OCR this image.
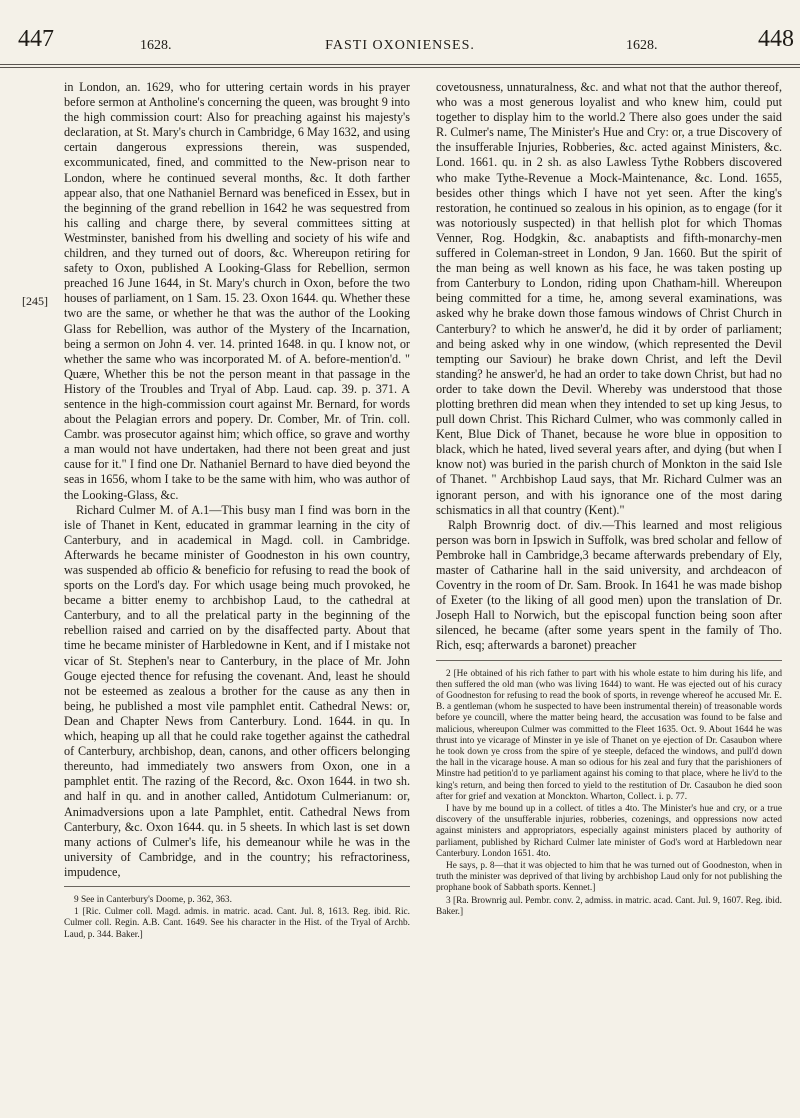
447	1628.	FASTI OXONIENSES.	1628.	448
[245]

in London, an. 1629, who for uttering certain words in his prayer before sermon at Antholine's concerning the queen, was brought 9 into the high commission court: Also for preaching against his majesty's declaration, at St. Mary's church in Cambridge, 6 May 1632, and using certain dangerous expressions therein, was suspended, excommunicated, fined, and committed to the New-prison near to London, where he continued several months, &c. It doth farther appear also, that one Nathaniel Bernard was beneficed in Essex, but in the beginning of the grand rebellion in 1642 he was sequestred from his calling and charge there, by several committees sitting at Westminster, banished from his dwelling and society of his wife and children, and they turned out of doors, &c. Whereupon retiring for safety to Oxon, published A Looking-Glass for Rebellion, sermon preached 16 June 1644, in St. Mary's church in Oxon, before the two houses of parliament, on 1 Sam. 15. 23. Oxon 1644. qu. Whether these two are the same, or whether he that was the author of the Looking Glass for Rebellion, was author of the Mystery of the Incarnation, being a sermon on John 4. ver. 14. printed 1648. in qu. I know not, or whether the same who was incorporated M. of A. before-mention'd. " Quære, Whether this be not the person meant in that passage in the History of the Troubles and Tryal of Abp. Laud. cap. 39. p. 371. A sentence in the high-commission court against Mr. Bernard, for words about the Pelagian errors and popery. Dr. Comber, Mr. of Trin. coll. Cambr. was prosecutor against him; which office, so grave and worthy a man would not have undertaken, had there not been great and just cause for it." I find one Dr. Nathaniel Bernard to have died beyond the seas in 1656, whom I take to be the same with him, who was author of the Looking-Glass, &c.

Richard Culmer M. of A.1—This busy man I find was born in the isle of Thanet in Kent, educated in grammar learning in the city of Canterbury, and in academical in Magd. coll. in Cambridge. Afterwards he became minister of Goodneston in his own country, was suspended ab officio & beneficio for refusing to read the book of sports on the Lord's day. For which usage being much provoked, he became a bitter enemy to archbishop Laud, to the cathedral at Canterbury, and to all the prelatical party in the beginning of the rebellion raised and carried on by the disaffected party. About that time he became minister of Harbledowne in Kent, and if I mistake not vicar of St. Stephen's near to Canterbury, in the place of Mr. John Gouge ejected thence for refusing the covenant. And, least he should not be esteemed as zealous a brother for the cause as any then in being, he published a most vile pamphlet entit. Cathedral News: or, Dean and Chapter News from Canterbury. Lond. 1644. in qu. In which, heaping up all that he could rake together against the cathedral of Canterbury, archbishop, dean, canons, and other officers belonging thereunto, had immediately two answers from Oxon, one in a pamphlet entit. The razing of the Record, &c. Oxon 1644. in two sh. and half in qu. and in another called, Antidotum Culmerianum: or, Animadversions upon a late Pamphlet, entit. Cathedral News from Canterbury, &c. Oxon 1644. qu. in 5 sheets. In which last is set down many actions of Culmer's life, his demeanour while he was in the university of Cambridge, and in the country; his refractoriness, impudence,

9 See in Canterbury's Doome, p. 362, 363.

1 [Ric. Culmer coll. Magd. admis. in matric. acad. Cant. Jul. 8, 1613. Reg. ibid. Ric. Culmer coll. Regin. A.B. Cant. 1649. See his character in the Hist. of the Tryal of Archb. Laud, p. 344. Baker.]

covetousness, unnaturalness, &c. and what not that the author thereof, who was a most generous loyalist and who knew him, could put together to display him to the world.2 There also goes under the said R. Culmer's name, The Minister's Hue and Cry: or, a true Discovery of the insufferable Injuries, Robberies, &c. acted against Ministers, &c. Lond. 1661. qu. in 2 sh. as also Lawless Tythe Robbers discovered who make Tythe-Revenue a Mock-Maintenance, &c. Lond. 1655, besides other things which I have not yet seen. After the king's restoration, he continued so zealous in his opinion, as to engage (for it was notoriously suspected) in that hellish plot for which Thomas Venner, Rog. Hodgkin, &c. anabaptists and fifth-monarchy-men suffered in Coleman-street in London, 9 Jan. 1660. But the spirit of the man being as well known as his face, he was taken posting up from Canterbury to London, riding upon Chatham-hill. Whereupon being committed for a time, he, among several examinations, was asked why he brake down those famous windows of Christ Church in Canterbury? to which he answer'd, he did it by order of parliament; and being asked why in one window, (which represented the Devil tempting our Saviour) he brake down Christ, and left the Devil standing? he answer'd, he had an order to take down Christ, but had no order to take down the Devil. Whereby was understood that those plotting brethren did mean when they intended to set up king Jesus, to pull down Christ. This Richard Culmer, who was commonly called in Kent, Blue Dick of Thanet, because he wore blue in opposition to black, which he hated, lived several years after, and dying (but when I know not) was buried in the parish church of Monkton in the said Isle of Thanet. " Archbishop Laud says, that Mr. Richard Culmer was an ignorant person, and with his ignorance one of the most daring schismatics in all that country (Kent)."

Ralph Brownrig doct. of div.—This learned and most religious person was born in Ipswich in Suffolk, was bred scholar and fellow of Pembroke hall in Cambridge,3 became afterwards prebendary of Ely, master of Catharine hall in the said university, and archdeacon of Coventry in the room of Dr. Sam. Brook. In 1641 he was made bishop of Exeter (to the liking of all good men) upon the translation of Dr. Joseph Hall to Norwich, but the episcopal function being soon after silenced, he became (after some years spent in the family of Tho. Rich, esq; afterwards a baronet) preacher

2 [He obtained of his rich father to part with his whole estate to him during his life, and then suffered the old man (who was living 1644) to want. He was ejected out of his curacy of Goodneston for refusing to read the book of sports, in revenge whereof he accused Mr. E. B. a gentleman (whom he suspected to have been instrumental therein) of treasonable words before ye councill, where the matter being heard, the accusation was found to be false and malicious, whereupon Culmer was committed to the Fleet 1635. Oct. 9. About 1644 he was thrust into ye vicarage of Minster in ye isle of Thanet on ye ejection of Dr. Casaubon where he took down ye cross from the spire of ye steeple, defaced the windows, and pull'd down the hall in the vicarage house. A man so odious for his zeal and fury that the parishioners of Minstre had petition'd to ye parliament against his coming to that place, where he liv'd to the king's return, and being then forced to yield to the restitution of Dr. Casaubon he died soon after for grief and vexation at Monckton. Wharton, Collect. i. p. 77.

I have by me bound up in a collect. of titles a 4to. The Minister's hue and cry, or a true discovery of the unsufferable injuries, robberies, cozenings, and oppressions now acted against ministers and appropriators, especially against ministers placed by authority of parliament, published by Richard Culmer late minister of God's word at Harbledown near Canterbury. London 1651. 4to.

He says, p. 8—that it was objected to him that he was turned out of Goodneston, when in truth the minister was deprived of that living by archbishop Laud only for not publishing the prophane book of Sabbath sports. Kennet.]

3 [Ra. Brownrig aul. Pembr. conv. 2, admiss. in matric. acad. Cant. Jul. 9, 1607. Reg. ibid. Baker.]
